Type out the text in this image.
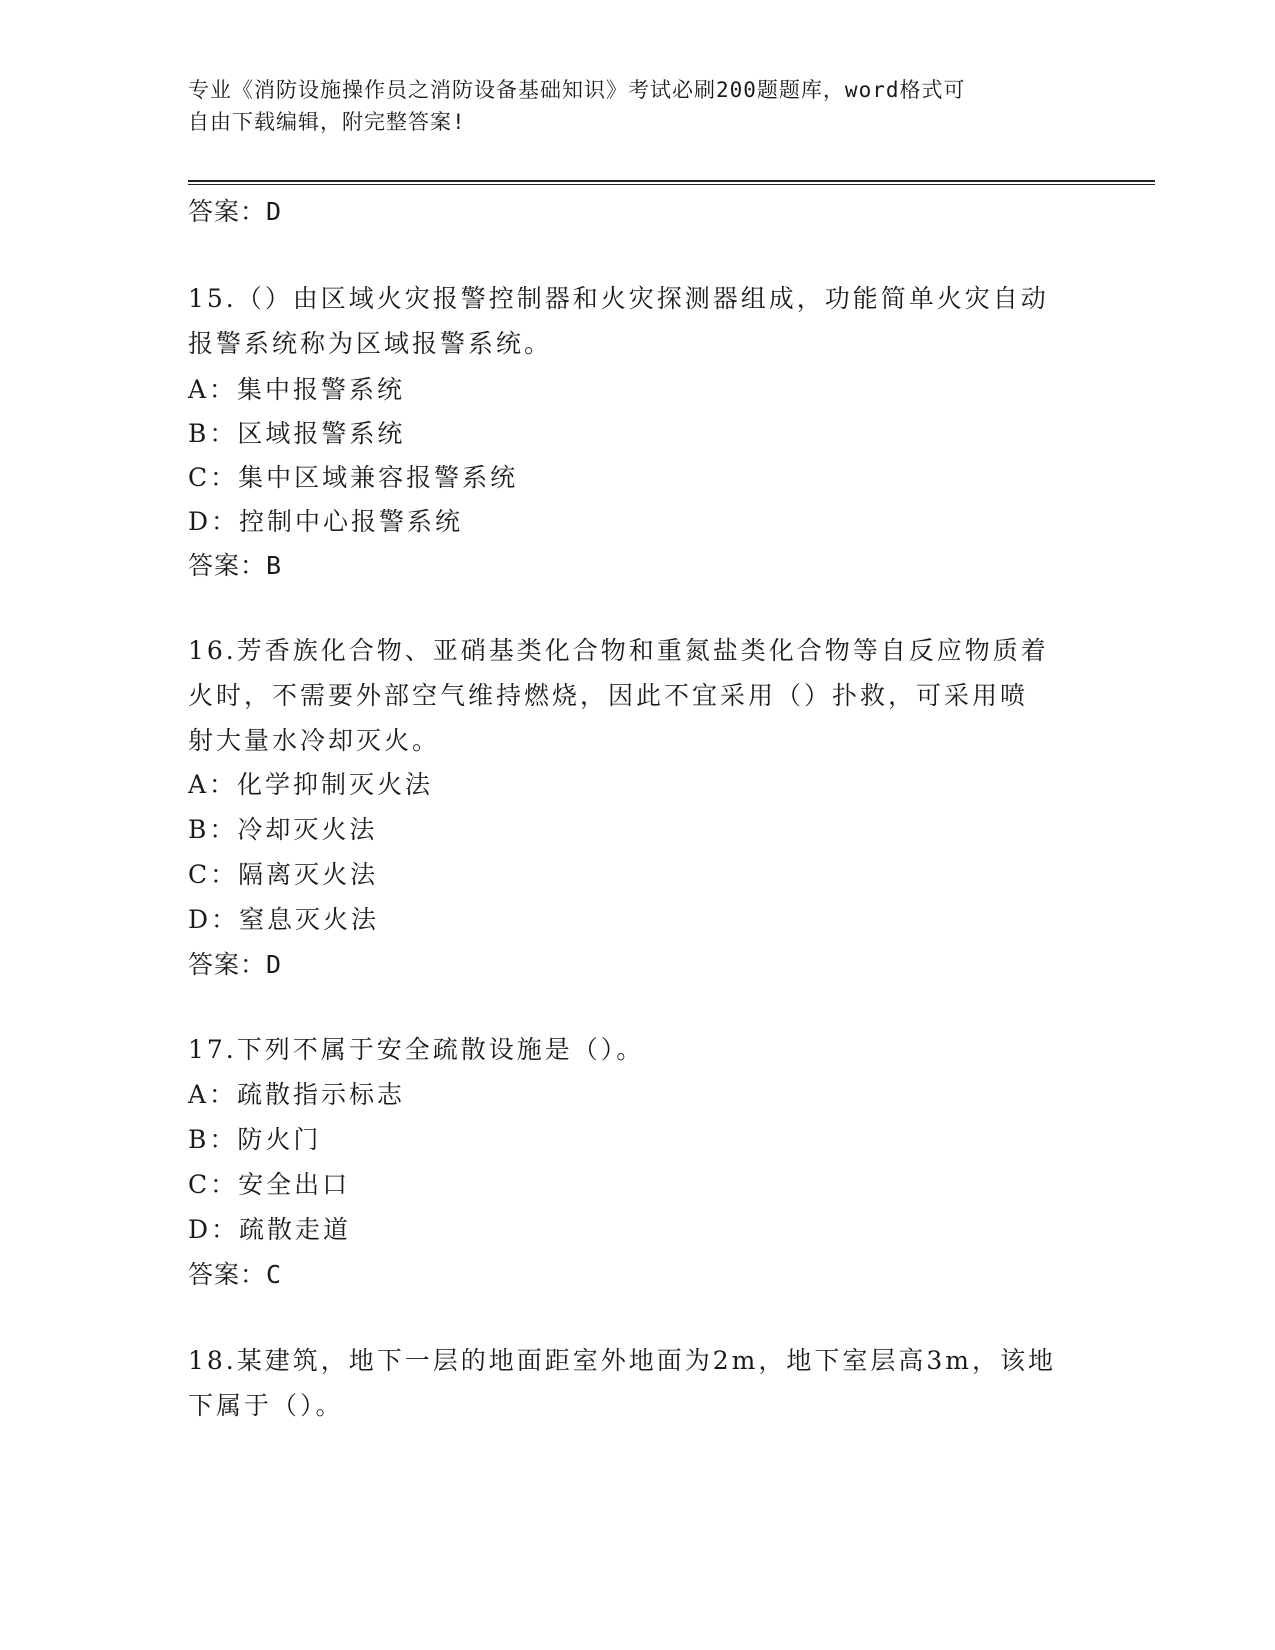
专业《消防设施操作员之消防设备基础知识》考试必刷200题题库，word格式可
自由下载编辑，附完整答案!
答案：D
15.（）由区域火灾报警控制器和火灾探测器组成，功能简单火灾自动
报警系统称为区域报警系统。
A：集中报警系统
B：区域报警系统
C：集中区域兼容报警系统
D：控制中心报警系统
答案：B
16.芳香族化合物、亚硝基类化合物和重氮盐类化合物等自反应物质着
火时，不需要外部空气维持燃烧，因此不宜采用（）扑救，可采用喷
射大量水冷却灭火。
A：化学抑制灭火法
B：冷却灭火法
C：隔离灭火法
D：窒息灭火法
答案：D
17.下列不属于安全疏散设施是（）。
A：疏散指示标志
B：防火门
C：安全出口
D：疏散走道
答案：C
18.某建筑，地下一层的地面距室外地面为2m，地下室层高3m，该地
下属于（）。
